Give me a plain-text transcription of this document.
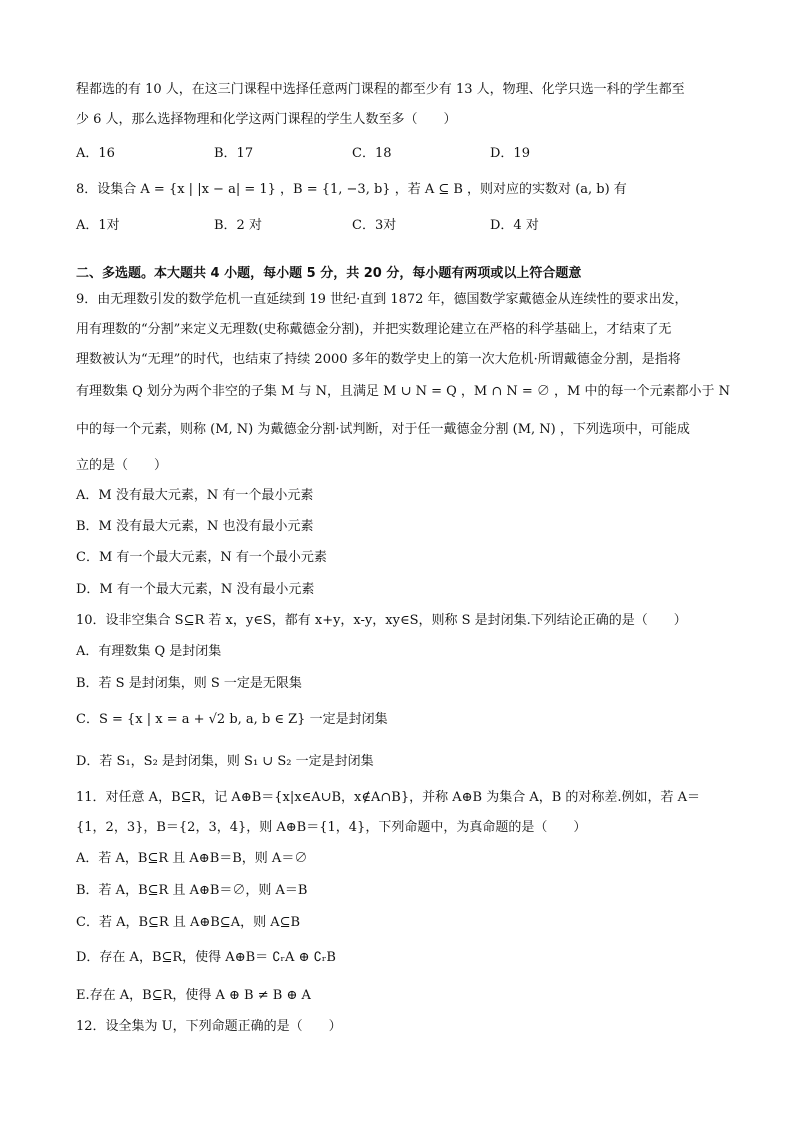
程都选的有 10 人，在这三门课程中选择任意两门课程的都至少有 13 人，物理、化学只选一科的学生都至
少 6 人，那么选择物理和化学这两门课程的学生人数至多（　　）
A．16	B．17	C．18	D．19
8．设集合 A = {x | |x − a| = 1} ，B = {1, −3, b} ，若 A ⊆ B ，则对应的实数对 (a, b) 有
A．1对	B．2 对	C．3对	D．4 对
二、多选题。本大题共 4 小题，每小题 5 分，共 20 分，每小题有两项或以上符合题意
9．由无理数引发的数学危机一直延续到 19 世纪·直到 1872 年，德国数学家戴德金从连续性的要求出发，
用有理数的“分割”来定义无理数(史称戴德金分割)，并把实数理论建立在严格的科学基础上，才结束了无
理数被认为“无理”的时代，也结束了持续 2000 多年的数学史上的第一次大危机·所谓戴德金分割，是指将
有理数集 Q 划分为两个非空的子集 M 与 N，且满足 M ∪ N = Q ，M ∩ N = ∅ ，M 中的每一个元素都小于 N
中的每一个元素，则称 (M, N) 为戴德金分割·试判断，对于任一戴德金分割 (M, N) ，下列选项中，可能成
立的是（　　）
A．M 没有最大元素，N 有一个最小元素
B．M 没有最大元素，N 也没有最小元素
C．M 有一个最大元素，N 有一个最小元素
D．M 有一个最大元素，N 没有最小元素
10．设非空集合 S⊆R 若 x，y∈S，都有 x+y，x-y，xy∈S，则称 S 是封闭集.下列结论正确的是（　　）
A．有理数集 Q 是封闭集
B．若 S 是封闭集，则 S 一定是无限集
C．S = {x | x = a + √2 b, a, b ∈ Z} 一定是封闭集
D．若 S₁，S₂ 是封闭集，则 S₁ ∪ S₂ 一定是封闭集
11．对任意 A，B⊆R，记 A⊕B＝{x|x∈A∪B，x∉A∩B}，并称 A⊕B 为集合 A，B 的对称差.例如，若 A＝
{1，2，3}，B＝{2，3，4}，则 A⊕B＝{1，4}，下列命题中，为真命题的是（　　）
A．若 A，B⊆R 且 A⊕B＝B，则 A＝∅
B．若 A，B⊆R 且 A⊕B＝∅，则 A＝B
C．若 A，B⊆R 且 A⊕B⊆A，则 A⊆B
D．存在 A，B⊆R，使得 A⊕B＝ ∁ᵣA ⊕ ∁ᵣB
E.存在 A，B⊆R，使得 A ⊕ B ≠ B ⊕ A
12．设全集为 U，下列命题正确的是（　　）
